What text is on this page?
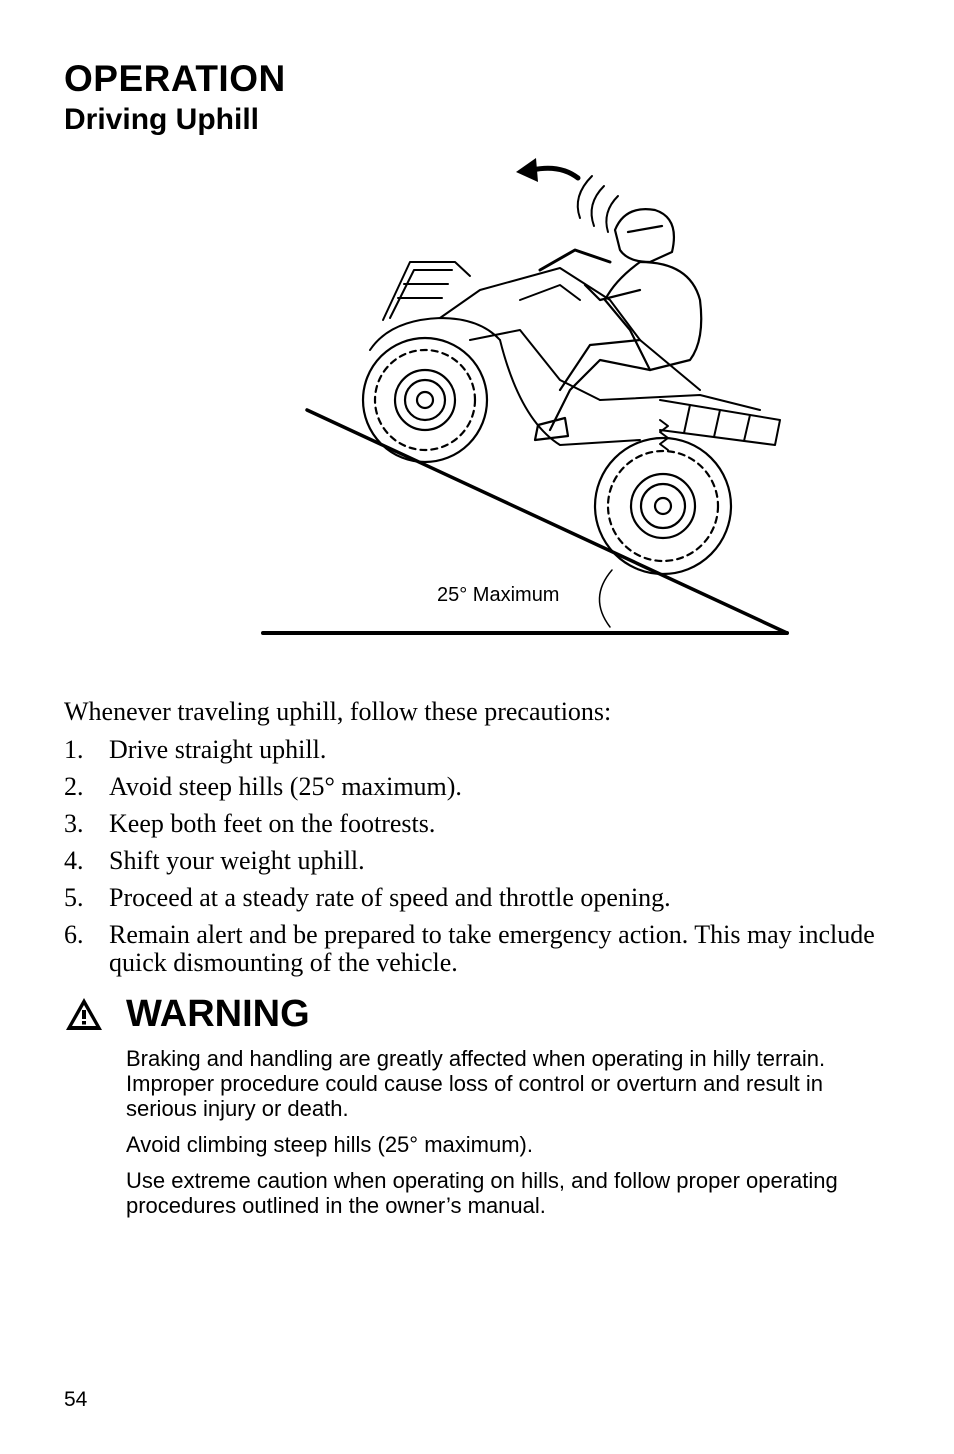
OPERATION
Driving Uphill
25° Maximum

Whenever traveling uphill, follow these precautions:

1. Drive straight uphill.
2. Avoid steep hills (25° maximum).
3. Keep both feet on the footrests.
4. Shift your weight uphill.
5. Proceed at a steady rate of speed and throttle opening.
6. Remain alert and be prepared to take emergency action. This may include quick dismounting of the vehicle.
WARNING

Braking and handling are greatly affected when operating in hilly terrain. Improper procedure could cause loss of control or overturn and result in serious injury or death.

Avoid climbing steep hills (25° maximum).

Use extreme caution when operating on hills, and follow proper operating procedures outlined in the owner’s manual.

54
